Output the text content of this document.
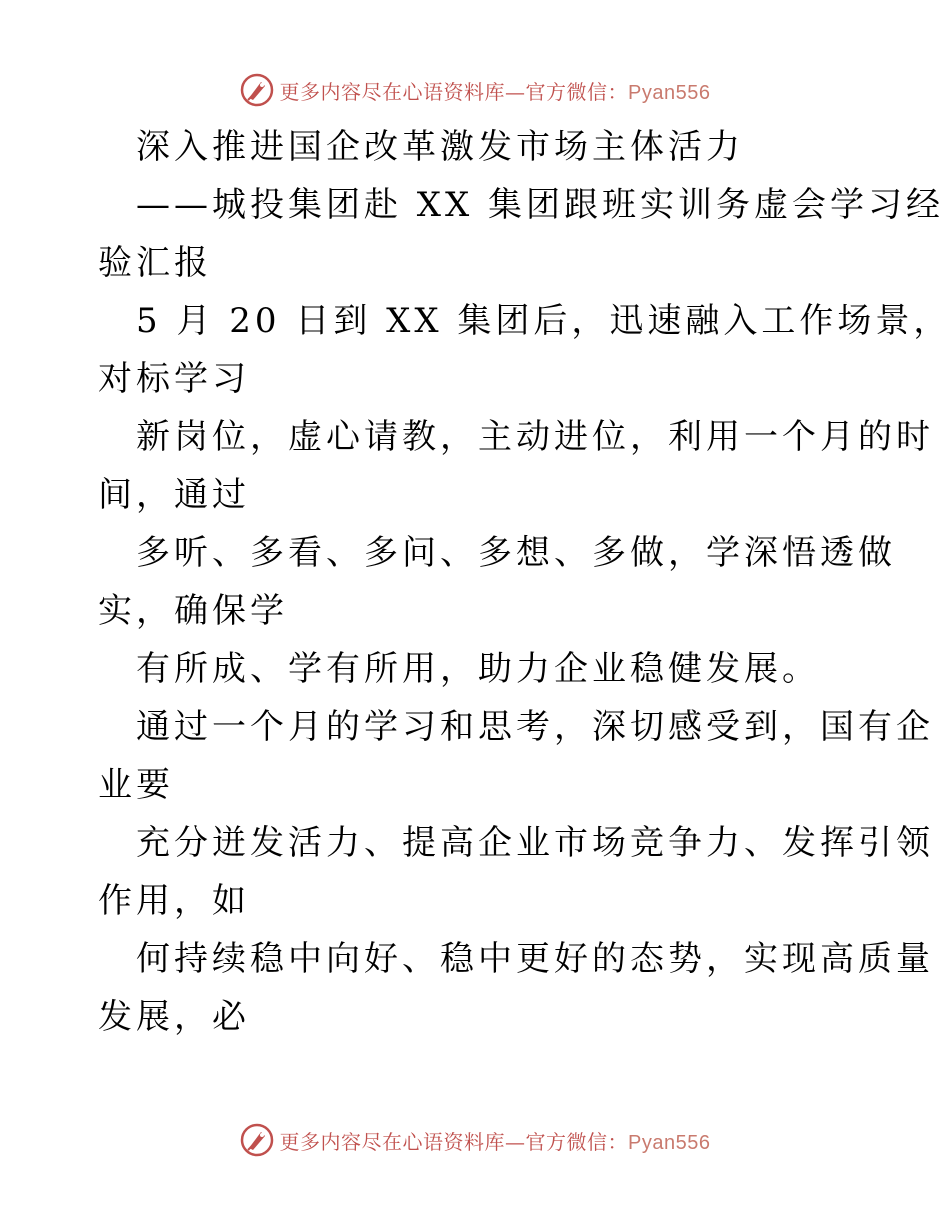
更多内容尽在心语资料库—官方微信：Pyan556
深入推进国企改革激发市场主体活力
——城投集团赴 XX 集团跟班实训务虚会学习经
验汇报
5 月 20 日到 XX 集团后，迅速融入工作场景，
对标学习
新岗位，虚心请教，主动进位，利用一个月的时
间，通过
多听、多看、多问、多想、多做，学深悟透做
实，确保学
有所成、学有所用，助力企业稳健发展。
通过一个月的学习和思考，深切感受到，国有企
业要
充分迸发活力、提高企业市场竞争力、发挥引领
作用，如
何持续稳中向好、稳中更好的态势，实现高质量
发展，必
更多内容尽在心语资料库—官方微信：Pyan556
